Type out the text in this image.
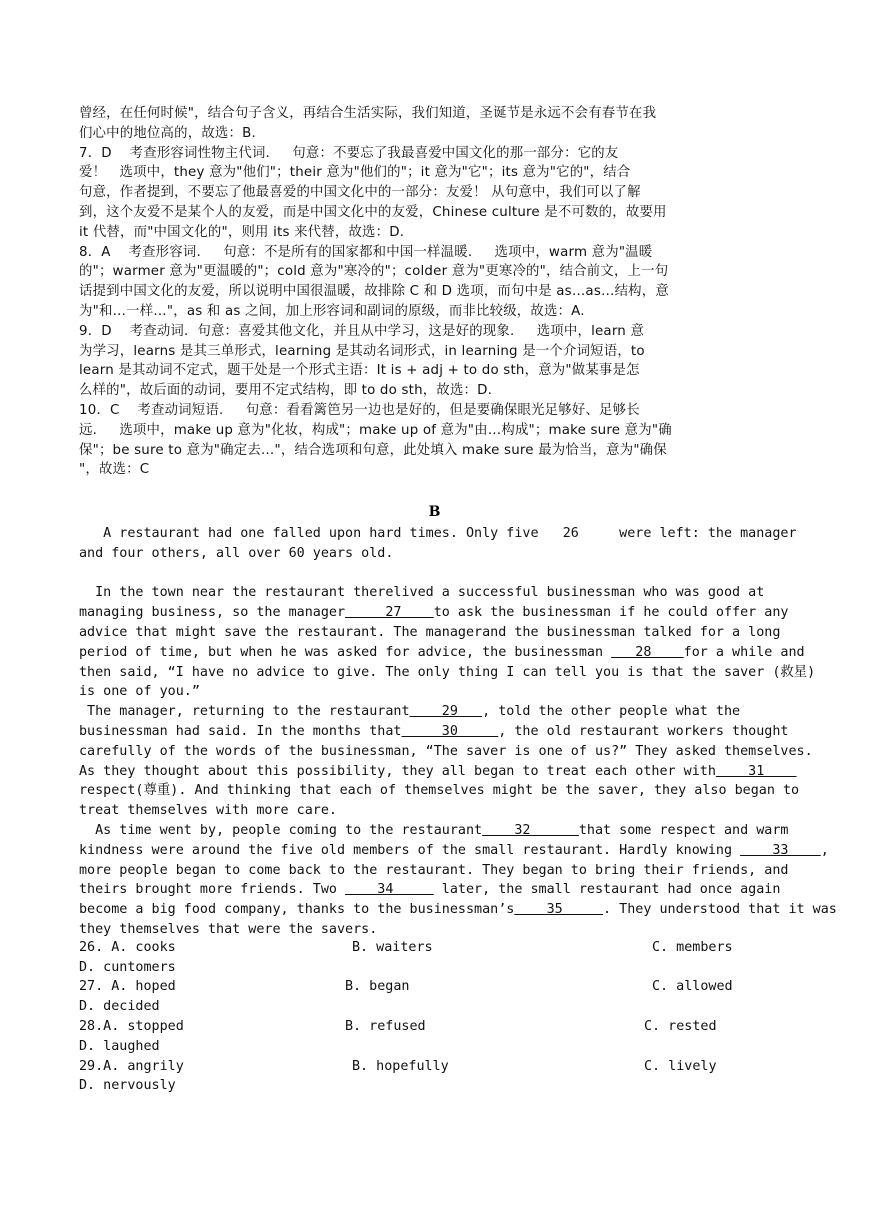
曾经，在任何时候"，结合句子含义，再结合生活实际，我们知道，圣诞节是永远不会有春节在我
们心中的地位高的，故选：B.
7．D    考查形容词性物主代词.     句意：不要忘了我最喜爱中国文化的那一部分：它的友
爱！   选项中，they 意为"他们"；their 意为"他们的"；it 意为"它"；its 意为"它的"，结合
句意，作者提到，不要忘了他最喜爱的中国文化中的一部分：友爱！ 从句意中，我们可以了解
到，这个友爱不是某个人的友爱，而是中国文化中的友爱，Chinese culture 是不可数的，故要用
it 代替，而"中国文化的"，则用 its 来代替，故选：D.
8．A    考查形容词.     句意：不是所有的国家都和中国一样温暖.     选项中，warm 意为"温暖
的"；warmer 意为"更温暖的"；cold 意为"寒冷的"；colder 意为"更寒冷的"，结合前文，上一句
话提到中国文化的友爱，所以说明中国很温暖，故排除 C 和 D 选项，而句中是 as…as…结构，意
为"和…一样…"，as 和 as 之间，加上形容词和副词的原级，而非比较级，故选：A.
9．D    考查动词.  句意：喜爱其他文化，并且从中学习，这是好的现象.     选项中，learn 意
为学习，learns 是其三单形式，learning 是其动名词形式，in learning 是一个介词短语，to
learn 是其动词不定式，题干处是一个形式主语：It is + adj + to do sth，意为"做某事是怎
么样的"，故后面的动词，要用不定式结构，即 to do sth，故选：D.
10．C    考查动词短语.     句意：看看篱笆另一边也是好的，但是要确保眼光足够好、足够长
远.     选项中，make up 意为"化妆，构成"；make up of 意为"由…构成"；make sure 意为"确
保"；be sure to 意为"确定去…"，结合选项和句意，此处填入 make sure 最为恰当，意为"确保
"，故选：C
B
A restaurant had one falled upon hard times. Only five   26     were left: the manager
and four others, all over 60 years old.
In the town near the restaurant therelived a successful businessman who was good at
managing business, so the manager     27    to ask the businessman if he could offer any
advice that might save the restaurant. The managerand the businessman talked for a long
period of time, but when he was asked for advice, the businessman    28    for a while and
then said, “I have no advice to give. The only thing I can tell you is that the saver (救星)
is one of you.”
The manager, returning to the restaurant    29   , told the other people what the
businessman had said. In the months that     30     , the old restaurant workers thought
carefully of the words of the businessman, “The saver is one of us?” They asked themselves.
As they thought about this possibility, they all began to treat each other with    31
respect(尊重). And thinking that each of themselves might be the saver, they also began to
treat themselves with more care.
As time went by, people coming to the restaurant    32      that some respect and warm
kindness were around the five old members of the small restaurant. Hardly knowing     33    ,
more people began to come back to the restaurant. They began to bring their friends, and
theirs brought more friends. Two     34      later, the small restaurant had once again
become a big food company, thanks to the businessman’s    35     . They understood that it was
they themselves that were the savers.
26. A. cooks	B. waiters	C. members
D. cuntomers
27. A. hoped	B. began	C. allowed
D. decided
28.A. stopped	B. refused	C. rested
D. laughed
29.A. angrily	B. hopefully	C. lively
D. nervously
